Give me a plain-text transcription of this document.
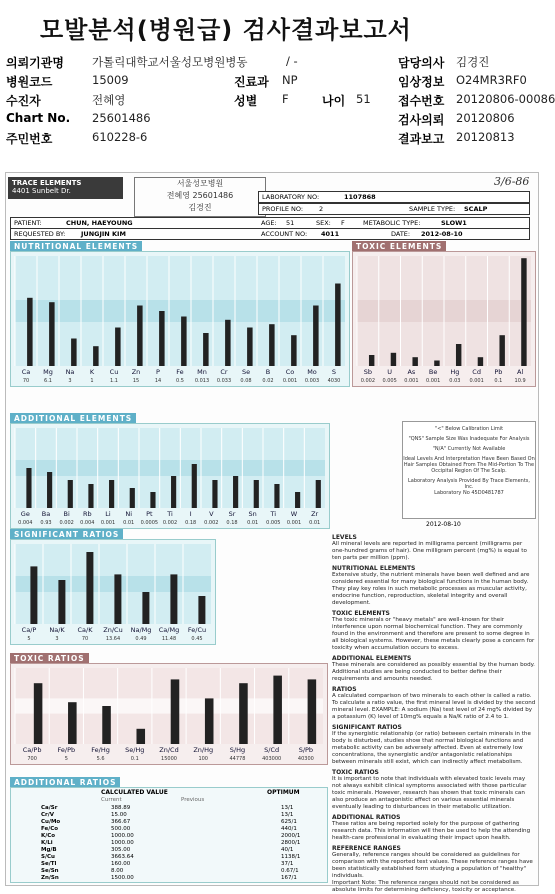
모발분석(병원급) 검사결과보고서
의뢰기관명 가톨릭대학교서울성모병원병동	/ -	담당의사 김경진
병원코드	15009	진료과 NP	임상정보 O24MR3RF0
수진자	전혜영	성별 F	나이 51 접수번호 20120806-00086
Chart No. 25601486	검사의뢰 20120806
주민번호	610228-6	결과보고 20120813
3/6-86
TRACE ELEMENTS
4401 Sunbelt Dr.
서울성모병원
전혜영 25601486
김경진
LABORATORY NO:	1107868
PROFILE NO: 2	SAMPLE TYPE: SCALP
PATIENT:	CHUN, HAEYOUNG	AGE: 51	SEX: F	METABOLIC TYPE:	SLOW1
REQUESTED BY: JUNGJIN KIM	ACCOUNT NO: 4011	DATE: 2012-08-10
NUTRITIONAL ELEMENTS
Ca
70
Mg
6.1
Na
3
K
1
Cu
1.1
Zn
15
P
14
Fe
0.5
Mn
0.013
Cr
0.033
Se
0.08
B
0.02
Co
0.001
Mo
0.003
S
4030
TOXIC ELEMENTS
Sb
0.002
U
0.005
As
0.001
Be
0.001
Hg
0.03
Cd
0.001
Pb
0.1
Al
10.9
ADDITIONAL ELEMENTS
Ge
0.004
Ba
0.93
Bi
0.002
Rb
0.004
Li
0.001
Ni
0.01
Pt
0.0005
Ti
0.002
I
0.18
V
0.002
Sr
0.18
Sn
0.01
Ti
0.005
W
0.001
Zr
0.01
"<" Below Calibration Limit
"QNS" Sample Size Was Inadequate For Analysis
"N/A" Currently Not Available
Ideal Levels And Interpretation Have Been Based On Hair Samples Obtained From The Mid-Portion To The Occipital Region Of The Scalp.
Laboratory Analysis Provided By Trace Elements, Inc.
Laboratory No 45D0481787
2012-08-10
SIGNIFICANT RATIOS
Ca/P
5
Na/K
3
Ca/K
70
Zn/Cu
13.64
Na/Mg
0.49
Ca/Mg
11.48
Fe/Cu
0.45
TOXIC RATIOS
Ca/Pb
700
Fe/Pb
5
Fe/Hg
5.6
Se/Hg
0.1
Zn/Cd
15000
Zn/Hg
100
S/Hg
44778
S/Cd
403000
S/Pb
40300
ADDITIONAL RATIOS
CALCULATED VALUE	OPTIMUM
Current	Previous
Ca/Sr	388.89	13/1
Cr/V	15.00	13/1
Cu/Mo	366.67	625/1
Fe/Co	500.00	440/1
K/Co	1000.00	2000/1
K/Li	1000.00	2800/1
Mg/B	305.00	40/1
S/Cu	3663.64	1138/1
Se/Tl	160.00	37/1
Se/Sn	8.00	0.67/1
Zn/Sn	1500.00	167/1
LEVELS
All mineral levels are reported in milligrams percent (milligrams per one-hundred grams of hair). One milligram percent (mg%) is equal to ten parts per million (ppm).
NUTRITIONAL ELEMENTS
Extensive study, the nutrient minerals have been well defined and are considered essential for many biological functions in the human body. They play key roles in such metabolic processes as muscular activity, endocrine function, reproduction, skeletal integrity and overall development.
TOXIC ELEMENTS
The toxic minerals or "heavy metals" are well-known for their interference upon normal biochemical function. They are commonly found in the environment and therefore are present to some degree in all biological systems. However, these metals clearly pose a concern for toxicity when accumulation occurs to excess.
ADDITIONAL ELEMENTS
These minerals are considered as possibly essential by the human body. Additional studies are being conducted to better define their requirements and amounts needed.
RATIOS
A calculated comparison of two minerals to each other is called a ratio. To calculate a ratio value, the first mineral level is divided by the second mineral level. EXAMPLE: A sodium (Na) test level of 24 mg% divided by a potassium (K) level of 10mg% equals a Na/K ratio of 2.4 to 1.
SIGNIFICANT RATIOS
If the synergistic relationship (or ratio) between certain minerals in the body is disturbed, studies show that normal biological functions and metabolic activity can be adversely affected. Even at extremely low concentrations, the synergistic and/or antagonistic relationships between minerals still exist, which can indirectly affect metabolism.
TOXIC RATIOS
It is important to note that individuals with elevated toxic levels may not always exhibit clinical symptoms associated with those particular toxic minerals. However, research has shown that toxic minerals can also produce an antagonistic effect on various essential minerals eventually leading to disturbances in their metabolic utilization.
ADDITIONAL RATIOS
These ratios are being reported solely for the purpose of gathering research data. This information will then be used to help the attending health-care professional in evaluating their impact upon health.
REFERENCE RANGES
Generally, reference ranges should be considered as guidelines for comparison with the reported test values. These reference ranges have been statistically established form studying a population of "healthy" individuals.
Important Note: The reference ranges should not be considered as absolute limits for determining deficiency, toxicity or acceptance.
